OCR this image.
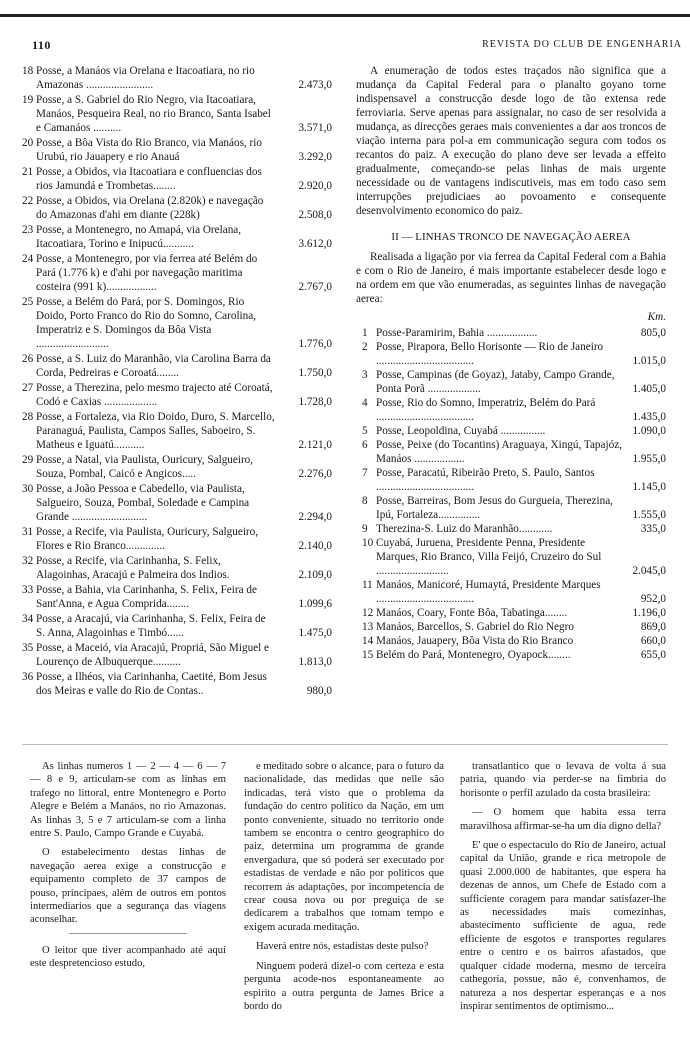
110	REVISTA DO CLUB DE ENGENHARIA
18 Posse, a Manáos via Orelana e Itacoatiara, no rio Amazonas ........................	2.473,0
19 Posse, a S. Gabriel do Rio Negro, via Itacoatiara, Manáos, Pesqueira Real, no rio Branco, Santa Isabel e Camanáos ..........	3.571,0
20 Posse, a Bôa Vista do Rio Branco, via Manáos, rio Urubú, rio Jauapery e rio Anauá	3.292,0
21 Posse, a Obidos, via Itacoatiara e confluencias dos rios Jamundá e Trombetas........	2.920,0
22 Posse, a Obidos, via Orelana (2.820k) e navegação do Amazonas d'ahi em diante (228k)	2.508,0
23 Posse, a Montenegro, no Amapá, via Orelana, Itacoatiara, Torino e Inipucú...........	3.612,0
24 Posse, a Montenegro, por via ferrea até Belém do Pará (1.776 k) e d'ahi por navegação maritima costeira (991 k)..................	2.767,0
25 Posse, a Belém do Pará, por S. Domingos, Rio Doido, Porto Franco do Rio do Somno, Carolina, Imperatriz e S. Domingos da Bôa Vista ..........................	1.776,0
26 Posse, a S. Luiz do Maranhão, via Carolina Barra da Corda, Pedreiras e Coroatá........	1.750,0
27 Posse, a Therezina, pelo mesmo trajecto até Coroatá, Codó e Caxias ...................	1.728,0
28 Posse, a Fortaleza, via Rio Doido, Duro, S. Marcello, Paranaguá, Paulista, Campos Salles, Saboeiro, S. Matheus e Iguatú...........	2.121,0
29 Posse, a Natal, via Paulista, Ouricury, Salgueiro, Souza, Pombal, Caicó e Angicos.....	2.276,0
30 Posse, a João Pessoa e Cabedello, via Paulista, Salgueiro, Souza, Pombal, Soledade e Campina Grande ...........................	2.294,0
31 Posse, a Recife, via Paulista, Ouricury, Salgueiro, Flores e Rio Branco..............	2.140,0
32 Posse, a Recife, via Carinhanha, S. Felix, Alagoinhas, Aracajú e Palmeira dos Indios.	2.109,0
33 Posse, a Bahia, via Carinhanha, S. Felix, Feira de Sant'Anna, e Agua Comprida........	1.099,6
34 Posse, a Aracajú, via Carinhanha, S. Felix, Feira de S. Anna, Alagoinhas e Timbó......	1.475,0
35 Posse, a Maceió, via Aracajú, Propriá, São Miguel e Lourenço de Albuquerque..........	1.813,0
36 Posse, a Ilhéos, via Carinhanha, Caetité, Bom Jesus dos Meiras e valle do Rio de Contas..	980,0

A enumeração de todos estes traçados não significa que a mudança da Capital Federal para o planalto goyano torne indispensavel a construcção desde logo de tão extensa rede ferroviaria. Serve apenas para assignalar, no caso de ser resolvida a mudança, as direcções geraes mais convenientes a dar aos troncos de viação interna para pol-a em communicação segura com todos os recantos do paiz. A execução do plano deve ser levada a effeito gradualmente, começando-se pelas linhas de mais urgente necessidade ou de vantagens indiscutiveis, mas em todo caso sem interrupções prejudiciaes ao povoamento e consequente desenvolvimento economico do paiz.

II — LINHAS TRONCO DE NAVEGAÇÃO AEREA

Realisada a ligação por via ferrea da Capital Federal com a Bahia e com o Rio de Janeiro, é mais importante estabelecer desde logo e na ordem em que vão enumeradas, as seguintes linhas de navegação aerea:

Km.
1 Posse-Paramirim, Bahia ..................	805,0
2 Posse, Pirapora, Bello Horisonte — Rio de Janeiro ...................................	1.015,0
3 Posse, Campinas (de Goyaz), Jataby, Campo Grande, Ponta Porã ...................	1.405,0
4 Posse, Rio do Somno, Imperatriz, Belém do Pará ...................................	1.435,0
5 Posse, Leopoldina, Cuyabá ................	1.090,0
6 Posse, Peixe (do Tocantins) Araguaya, Xingú, Tapajóz, Manáos ..................	1.955,0
7 Posse, Paracatú, Ribeirão Preto, S. Paulo, Santos ...................................	1.145,0
8 Posse, Barreiras, Bom Jesus do Gurgueia, Therezina, Ipú, Fortaleza...............	1.555,0
9 Therezina-S. Luiz do Maranhão............	335,0
10 Cuyabá, Juruena, Presidente Penna, Presidente Marques, Rio Branco, Villa Feijó, Cruzeiro do Sul ..........................	2.045,0
11 Manáos, Manicoré, Humaytá, Presidente Marques ...................................	952,0
12 Manáos, Coary, Fonte Bôa, Tabatinga........	1.196,0
13 Manáos, Barcellos, S. Gabriel do Rio Negro	869,0
14 Manáos, Jauapery, Bôa Vista do Rio Branco	660,0
15 Belém do Pará, Montenegro, Oyapock........	655,0

As linhas numeros 1 — 2 — 4 — 6 — 7 — 8 e 9, articulam-se com as linhas em trafego no littoral, entre Montenegro e Porto Alegre e Belém a Manáos, no rio Amazonas. As linhas 3, 5 e 7 articulam-se com a linha entre S. Paulo, Campo Grande e Cuyabá.

O estabelecimento destas linhas de navegação aerea exige a construcção e equipamento completo de 37 campos de pouso, principaes, além de outros em pontos intermediarios que a segurança das viagens aconselhar.

O leitor que tiver acompanhado até aqui este despretencioso estudo,

e meditado sobre o alcance, para o futuro da nacionalidade, das medidas que nelle são indicadas, terá visto que o problema da fundação do centro politico da Nação, em um ponto conveniente, situado no territorio onde tambem se encontra o centro geographico do paiz, determina um programma de grande envergadura, que só poderá ser executado por estadistas de verdade e não por politicos que recorrem ás adaptações, por incompetencia de crear cousa nova ou por preguiça de se dedicarem a trabalhos que tomam tempo e exigem acurada meditação.

Haverá entre nós, estadistas deste pulso?

Ninguem poderá dizel-o com certeza e esta pergunta acode-nos espontaneamente ao espirito a outra pergunta de James Brice a bordo do

transatlantico que o levava de volta á sua patria, quando via perder-se na fimbria do horisonte o perfil azulado da costa brasileira:

— O homem que habita essa terra maravilhosa affirmar-se-ha um dia digno della?

E' que o espectaculo do Rio de Janeiro, actual capital da União, grande e rica metropole de quasi 2.000.000 de habitantes, que espera ha dezenas de annos, um Chefe de Estado com a sufficiente coragem para mandar satisfazer-lhe as necessidades mais comezinhas, abastecimento sufficiente de agua, rede efficiente de esgotos e transportes regulares entre o centro e os bairros afastados, que qualquer cidade moderna, mesmo de terceira cathegoria, possue, não é, convenhamos, de natureza a nos despertar esperanças e a nos inspirar sentimentos de optimismo...
